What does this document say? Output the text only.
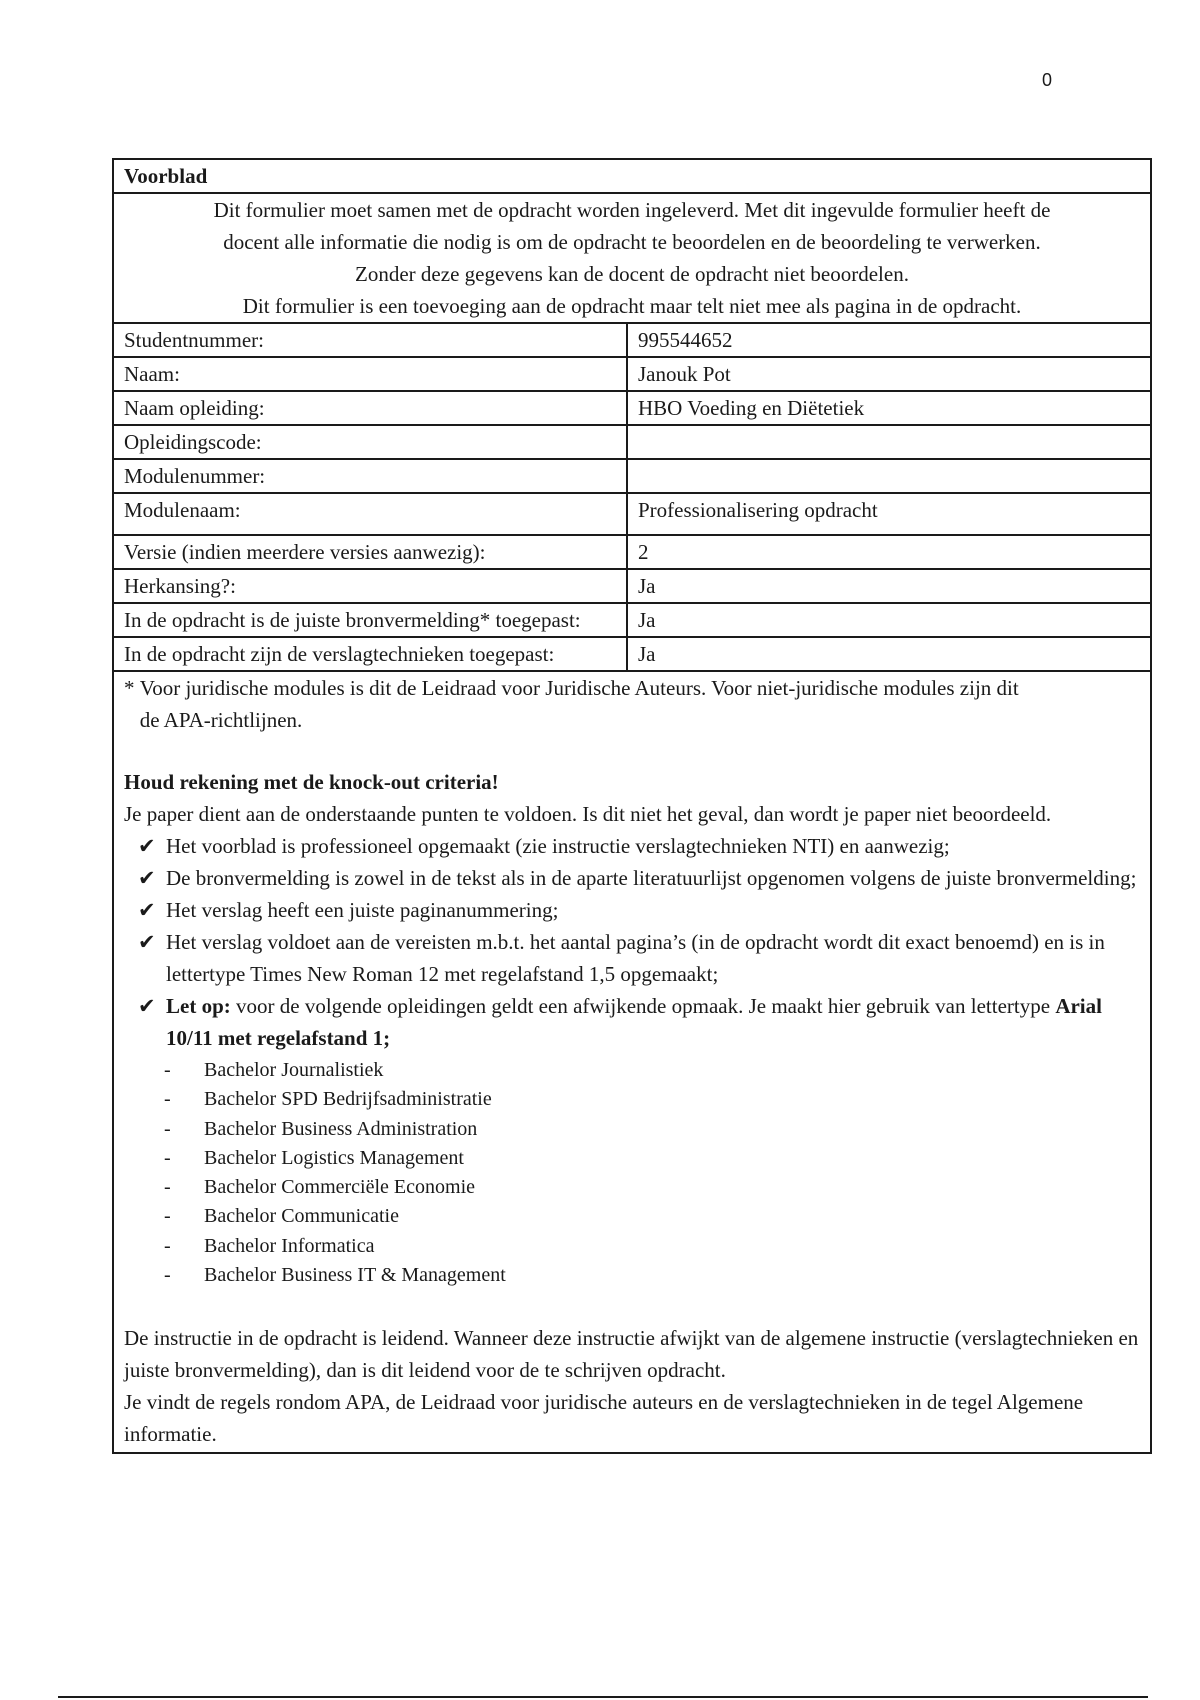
0
Voorblad

Dit formulier moet samen met de opdracht worden ingeleverd. Met dit ingevulde formulier heeft de

docent alle informatie die nodig is om de opdracht te beoordelen en de beoordeling te verwerken.

Zonder deze gegevens kan de docent de opdracht niet beoordelen.

Dit formulier is een toevoeging aan de opdracht maar telt niet mee als pagina in de opdracht.

Studentnummer:	995544652
Naam:	Janouk Pot
Naam opleiding:	HBO Voeding en Diëtetiek
Opleidingscode:
Modulenummer:
Modulenaam:	Professionalisering opdracht
Versie (indien meerdere versies aanwezig):	2
Herkansing?:	Ja
In de opdracht is de juiste bronvermelding* toegepast:	Ja
In de opdracht zijn de verslagtechnieken toegepast:	Ja

* Voor juridische modules is dit de Leidraad voor Juridische Auteurs. Voor niet-juridische modules zijn dit de APA-richtlijnen.

Houd rekening met de knock-out criteria!

Je paper dient aan de onderstaande punten te voldoen. Is dit niet het geval, dan wordt je paper niet beoordeeld.

✔ Het voorblad is professioneel opgemaakt (zie instructie verslagtechnieken NTI) en aanwezig;
✔ De bronvermelding is zowel in de tekst als in de aparte literatuurlijst opgenomen volgens de juiste bronvermelding;
✔ Het verslag heeft een juiste paginanummering;
✔ Het verslag voldoet aan de vereisten m.b.t. het aantal pagina’s (in de opdracht wordt dit exact benoemd) en is in lettertype Times New Roman 12 met regelafstand 1,5 opgemaakt;
✔ Let op: voor de volgende opleidingen geldt een afwijkende opmaak. Je maakt hier gebruik van lettertype Arial 10/11 met regelafstand 1;
-	Bachelor Journalistiek
-	Bachelor SPD Bedrijfsadministratie
-	Bachelor Business Administration
-	Bachelor Logistics Management
-	Bachelor Commerciële Economie
-	Bachelor Communicatie
-	Bachelor Informatica
-	Bachelor Business IT & Management

De instructie in de opdracht is leidend. Wanneer deze instructie afwijkt van de algemene instructie (verslagtechnieken en juiste bronvermelding), dan is dit leidend voor de te schrijven opdracht.

Je vindt de regels rondom APA, de Leidraad voor juridische auteurs en de verslagtechnieken in de tegel Algemene informatie.
